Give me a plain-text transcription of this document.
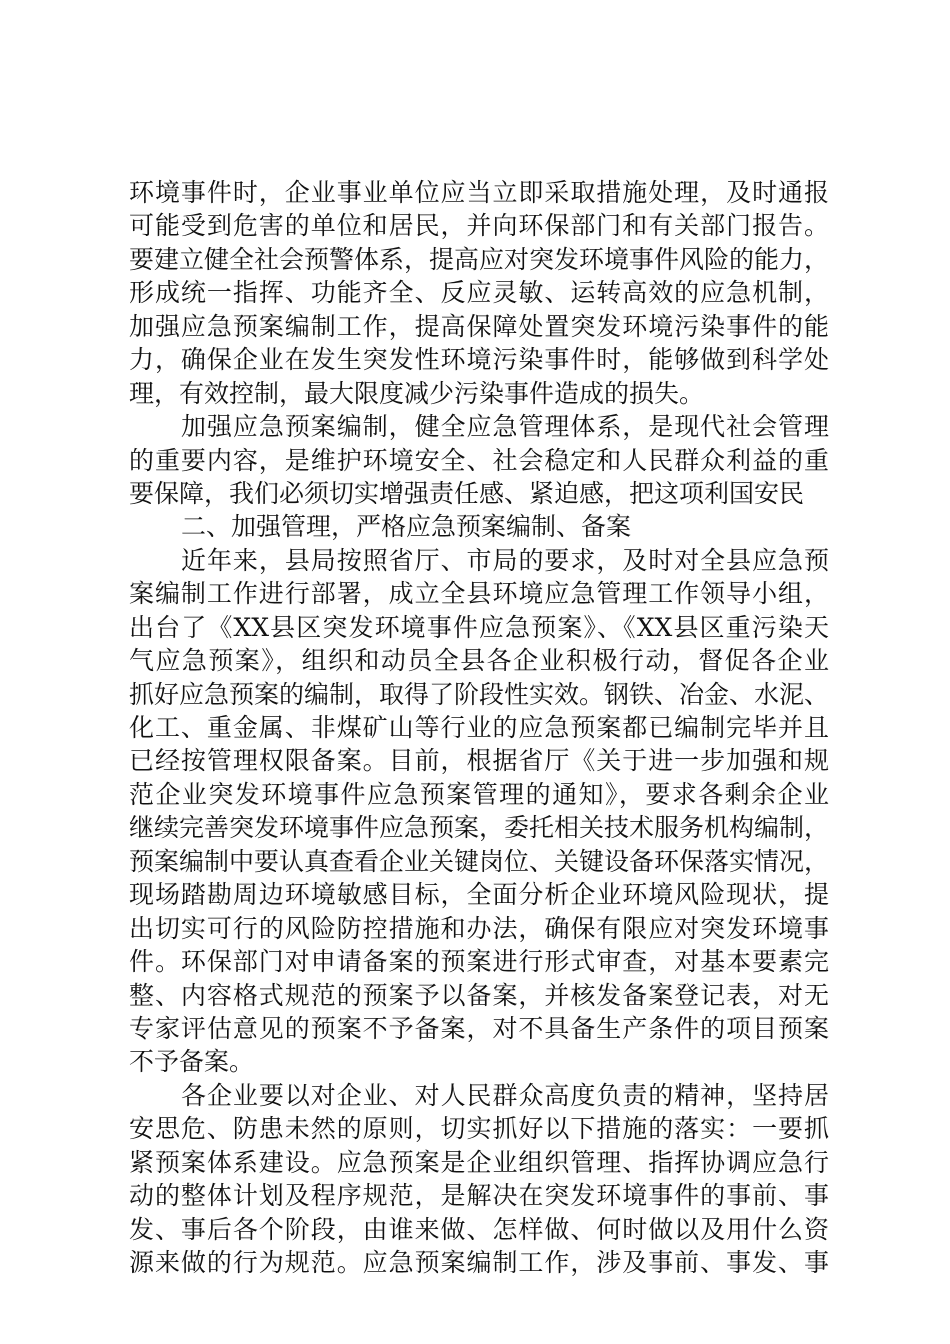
环境事件时，企业事业单位应当立即采取措施处理，及时通报
可能受到危害的单位和居民，并向环保部门和有关部门报告。
要建立健全社会预警体系，提高应对突发环境事件风险的能力，
形成统一指挥、功能齐全、反应灵敏、运转高效的应急机制，
加强应急预案编制工作，提高保障处置突发环境污染事件的能
力，确保企业在发生突发性环境污染事件时，能够做到科学处
理，有效控制，最大限度减少污染事件造成的损失。
加强应急预案编制，健全应急管理体系，是现代社会管理
的重要内容，是维护环境安全、社会稳定和人民群众利益的重
要保障，我们必须切实增强责任感、紧迫感，把这项利国安民
二、加强管理，严格应急预案编制、备案
近年来，县局按照省厅、市局的要求，及时对全县应急预
案编制工作进行部署，成立全县环境应急管理工作领导小组，
出台了《XX县区突发环境事件应急预案》、《XX县区重污染天
气应急预案》，组织和动员全县各企业积极行动，督促各企业
抓好应急预案的编制，取得了阶段性实效。钢铁、冶金、水泥、
化工、重金属、非煤矿山等行业的应急预案都已编制完毕并且
已经按管理权限备案。目前，根据省厅《关于进一步加强和规
范企业突发环境事件应急预案管理的通知》，要求各剩余企业
继续完善突发环境事件应急预案，委托相关技术服务机构编制，
预案编制中要认真查看企业关键岗位、关键设备环保落实情况，
现场踏勘周边环境敏感目标，全面分析企业环境风险现状，提
出切实可行的风险防控措施和办法，确保有限应对突发环境事
件。环保部门对申请备案的预案进行形式审查，对基本要素完
整、内容格式规范的预案予以备案，并核发备案登记表，对无
专家评估意见的预案不予备案，对不具备生产条件的项目预案
不予备案。
各企业要以对企业、对人民群众高度负责的精神，坚持居
安思危、防患未然的原则，切实抓好以下措施的落实：一要抓
紧预案体系建设。应急预案是企业组织管理、指挥协调应急行
动的整体计划及程序规范，是解决在突发环境事件的事前、事
发、事后各个阶段，由谁来做、怎样做、何时做以及用什么资
源来做的行为规范。应急预案编制工作，涉及事前、事发、事
